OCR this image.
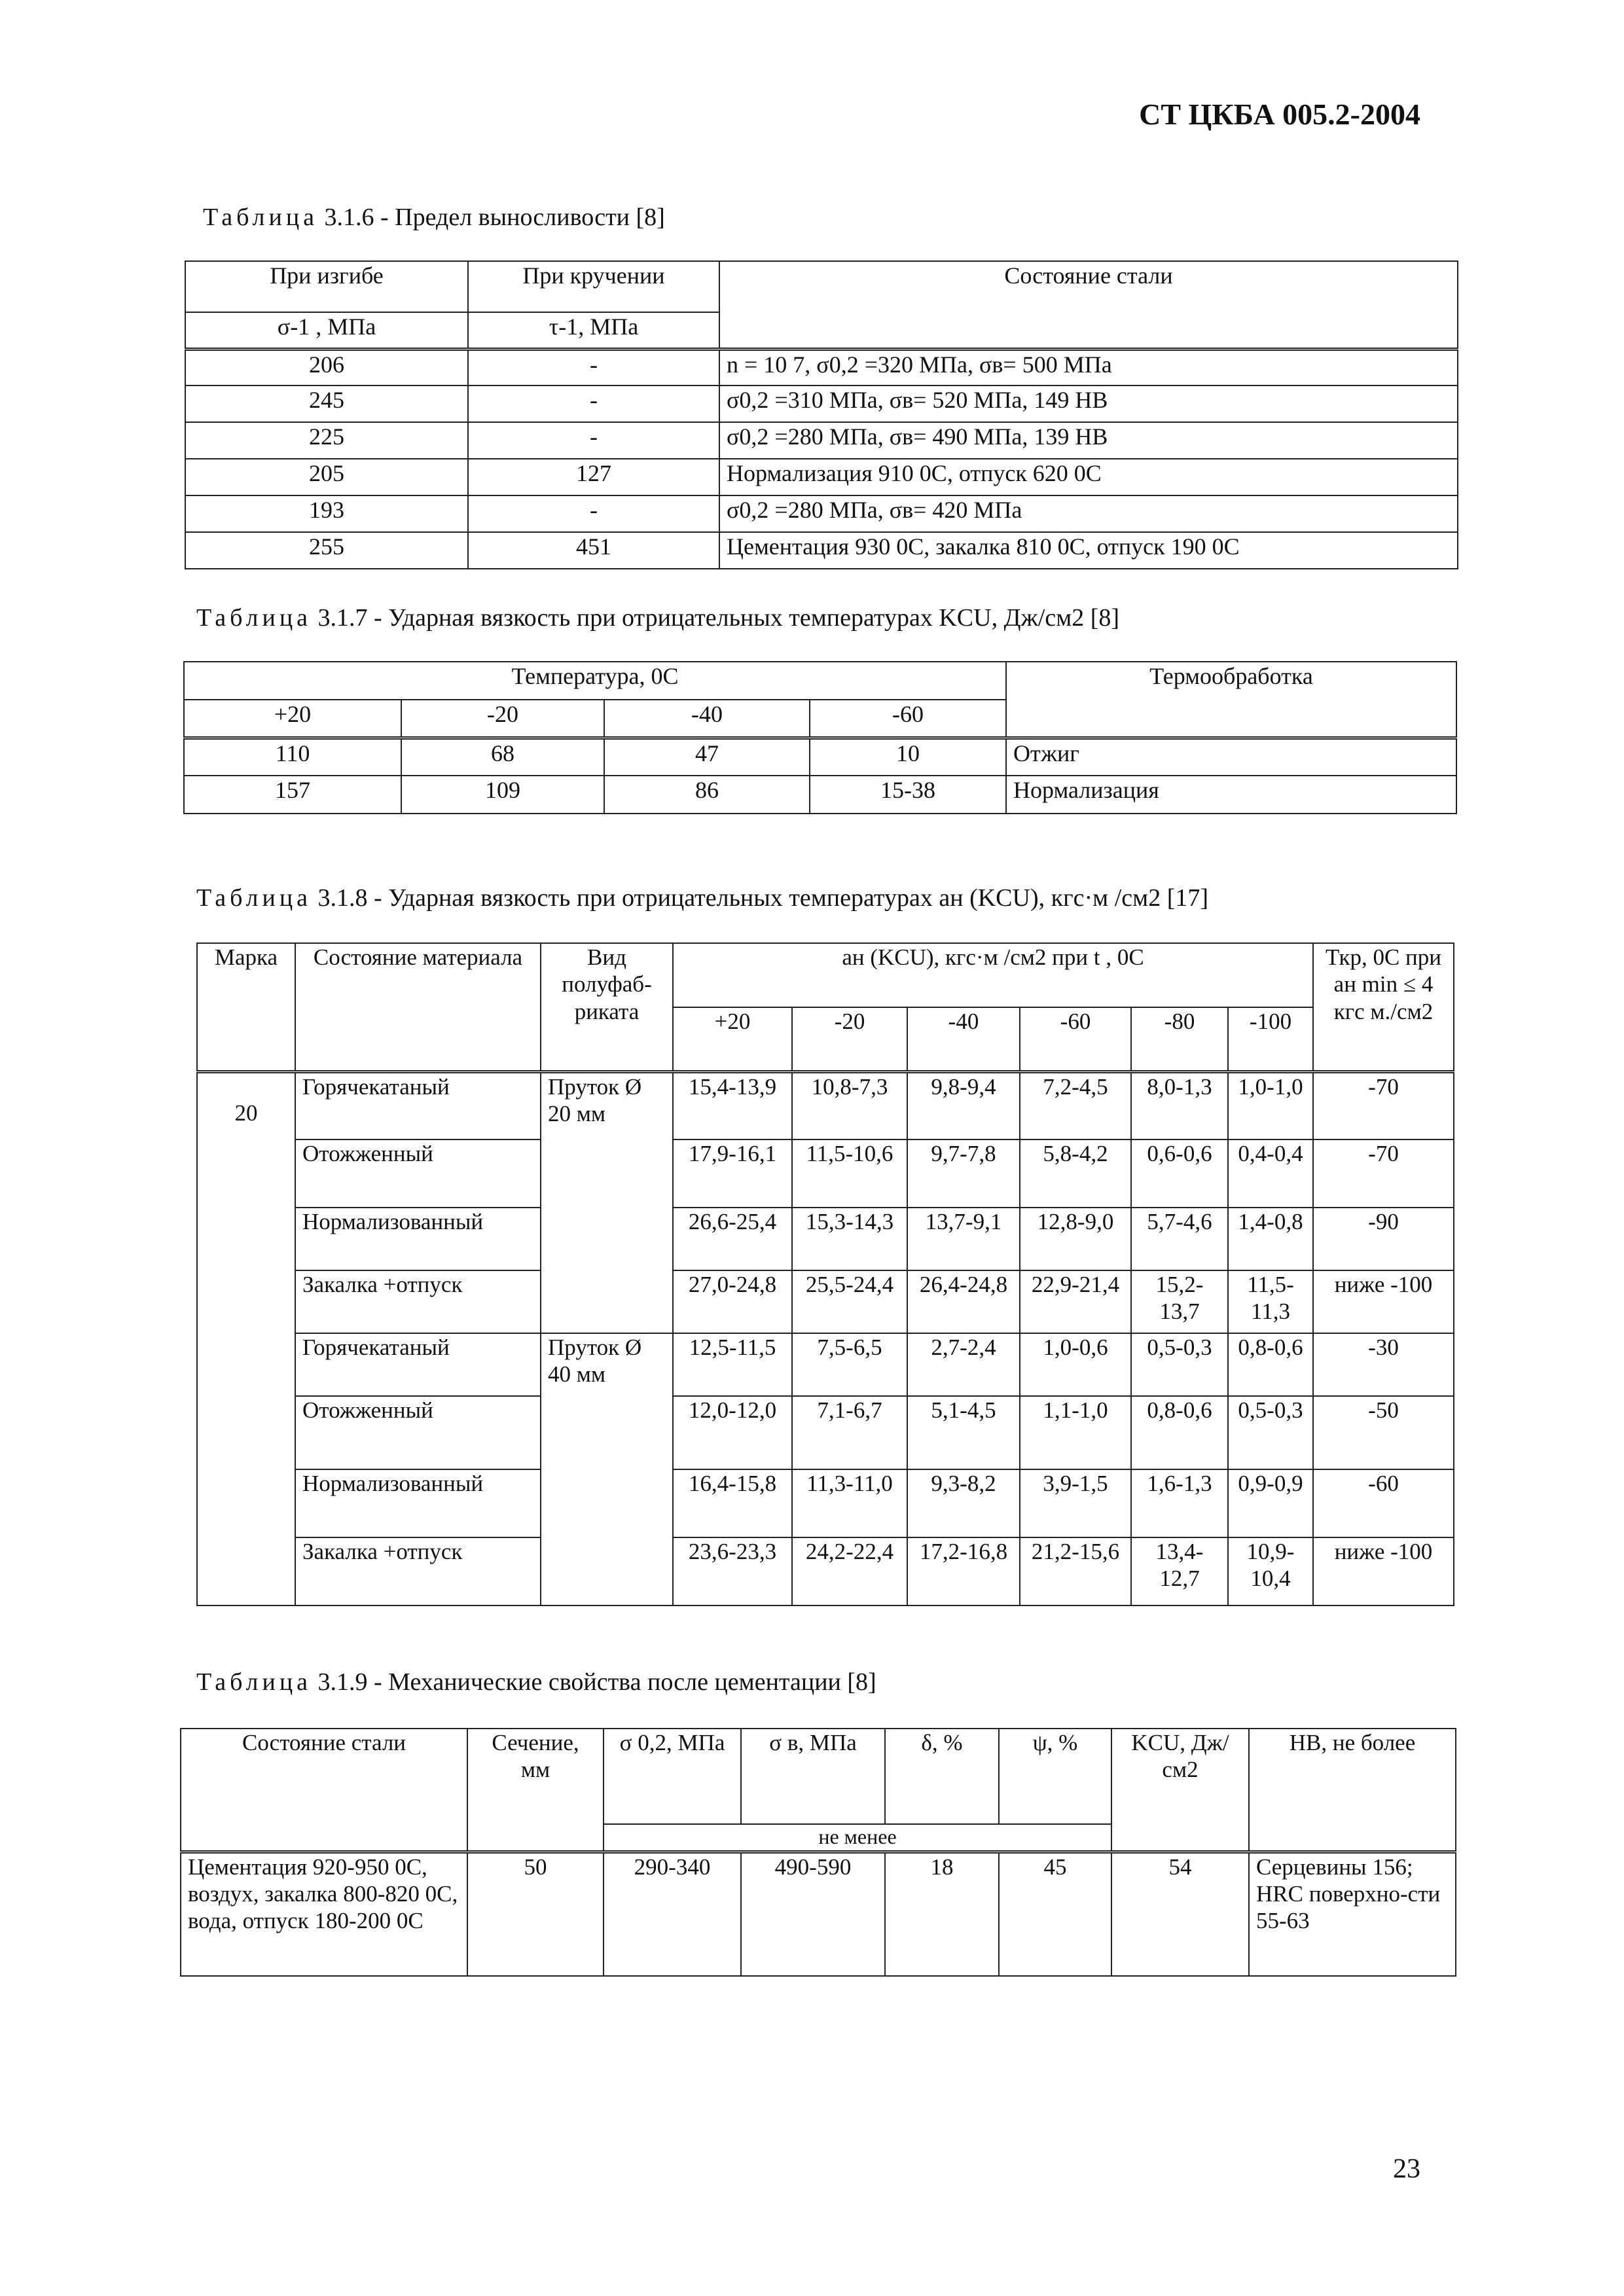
СТ ЦКБА 005.2-2004
Таблица 3.1.6 - Предел выносливости [8]
При изгибе	При кручении	Состояние стали
σ-1 , МПа	τ-1, МПа	
206	-	n = 10 7, σ0,2 =320 МПа, σв= 500 МПа
245	-	σ0,2 =310 МПа, σв= 520 МПа, 149 НВ
225	-	σ0,2 =280 МПа, σв= 490 МПа, 139 НВ
205	127	Нормализация 910 0С, отпуск 620 0С
193	-	σ0,2 =280 МПа, σв= 420 МПа
255	451	Цементация 930 0С, закалка 810 0С, отпуск 190 0С
Таблица 3.1.7 - Ударная вязкость при отрицательных температурах KCU, Дж/см2 [8]
Температура, 0С				Термообработка
+20	-20	-40	-60	
110	68	47	10	Отжиг
157	109	86	15-38	Нормализация
Таблица 3.1.8 - Ударная вязкость при отрицательных температурах aн (KCU), кгс·м /см2 [17]
Марка	Состояние материала	Вид полуфаб-риката	aн (KCU), кгс·м /см2 при t , 0С						Ткр, 0С при aн min ≤ 4 кгс м./см2
			+20	-20	-40	-60	-80	-100	
20	Горячекатаный	Пруток Ø 20 мм	15,4-13,9	10,8-7,3	9,8-9,4	7,2-4,5	8,0-1,3	1,0-1,0	-70
	Отожженный		17,9-16,1	11,5-10,6	9,7-7,8	5,8-4,2	0,6-0,6	0,4-0,4	-70
	Нормализованный		26,6-25,4	15,3-14,3	13,7-9,1	12,8-9,0	5,7-4,6	1,4-0,8	-90
	Закалка +отпуск		27,0-24,8	25,5-24,4	26,4-24,8	22,9-21,4	15,2-13,7	11,5-11,3	ниже -100
	Горячекатаный	Пруток Ø 40 мм	12,5-11,5	7,5-6,5	2,7-2,4	1,0-0,6	0,5-0,3	0,8-0,6	-30
	Отожженный		12,0-12,0	7,1-6,7	5,1-4,5	1,1-1,0	0,8-0,6	0,5-0,3	-50
	Нормализованный		16,4-15,8	11,3-11,0	9,3-8,2	3,9-1,5	1,6-1,3	0,9-0,9	-60
	Закалка +отпуск		23,6-23,3	24,2-22,4	17,2-16,8	21,2-15,6	13,4-12,7	10,9-10,4	ниже -100
Таблица 3.1.9 - Механические свойства после цементации [8]
Состояние стали	Сечение, мм	σ 0,2, МПа	σ в, МПа	δ, %	ψ, %	KCU, Дж/см2	НВ, не более
		не менее					
Цементация 920-950 0С, воздух, закалка 800-820 0С, вода, отпуск 180-200 0С	50	290-340	490-590	18	45	54	Серцевины 156; HRC поверхно-сти 55-63
23
